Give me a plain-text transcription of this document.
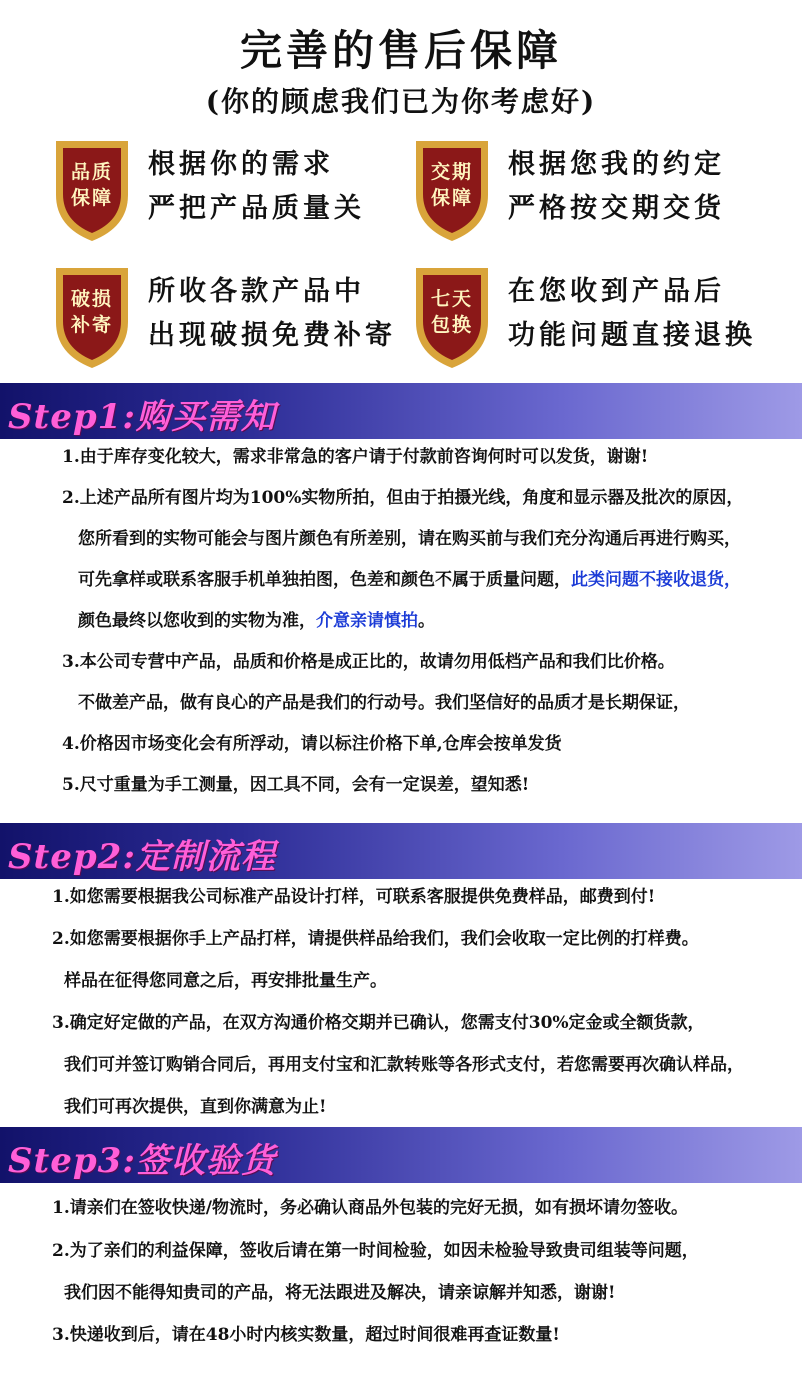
完善的售后保障
(你的顾虑我们已为你考虑好)
品质
保障
根据你的需求
严把产品质量关
交期
保障
根据您我的约定
严格按交期交货
破损
补寄
所收各款产品中
出现破损免费补寄
七天
包换
在您收到产品后
功能问题直接退换
Step1:购买需知
1.由于库存变化较大，需求非常急的客户请于付款前咨询何时可以发货，谢谢!
2.上述产品所有图片均为100%实物所拍，但由于拍摄光线，角度和显示器及批次的原因，
您所看到的实物可能会与图片颜色有所差别，请在购买前与我们充分沟通后再进行购买，
可先拿样或联系客服手机单独拍图，色差和颜色不属于质量问题，此类问题不接收退货，
颜色最终以您收到的实物为准，介意亲请慎拍。
3.本公司专营中产品，品质和价格是成正比的，故请勿用低档产品和我们比价格。
不做差产品，做有良心的产品是我们的行动号。我们坚信好的品质才是长期保证，
4.价格因市场变化会有所浮动，请以标注价格下单,仓库会按单发货
5.尺寸重量为手工测量，因工具不同，会有一定误差，望知悉!
Step2:定制流程
1.如您需要根据我公司标准产品设计打样，可联系客服提供免费样品，邮费到付!
2.如您需要根据你手上产品打样，请提供样品给我们，我们会收取一定比例的打样费。
样品在征得您同意之后，再安排批量生产。
3.确定好定做的产品，在双方沟通价格交期并已确认，您需支付30%定金或全额货款，
我们可并签订购销合同后，再用支付宝和汇款转账等各形式支付，若您需要再次确认样品，
我们可再次提供，直到你满意为止!
Step3:签收验货
1.请亲们在签收快递/物流时，务必确认商品外包装的完好无损，如有损坏请勿签收。
2.为了亲们的利益保障，签收后请在第一时间检验，如因未检验导致贵司组装等问题，
我们因不能得知贵司的产品，将无法跟进及解决，请亲谅解并知悉，谢谢!
3.快递收到后，请在48小时内核实数量，超过时间很难再查证数量!
